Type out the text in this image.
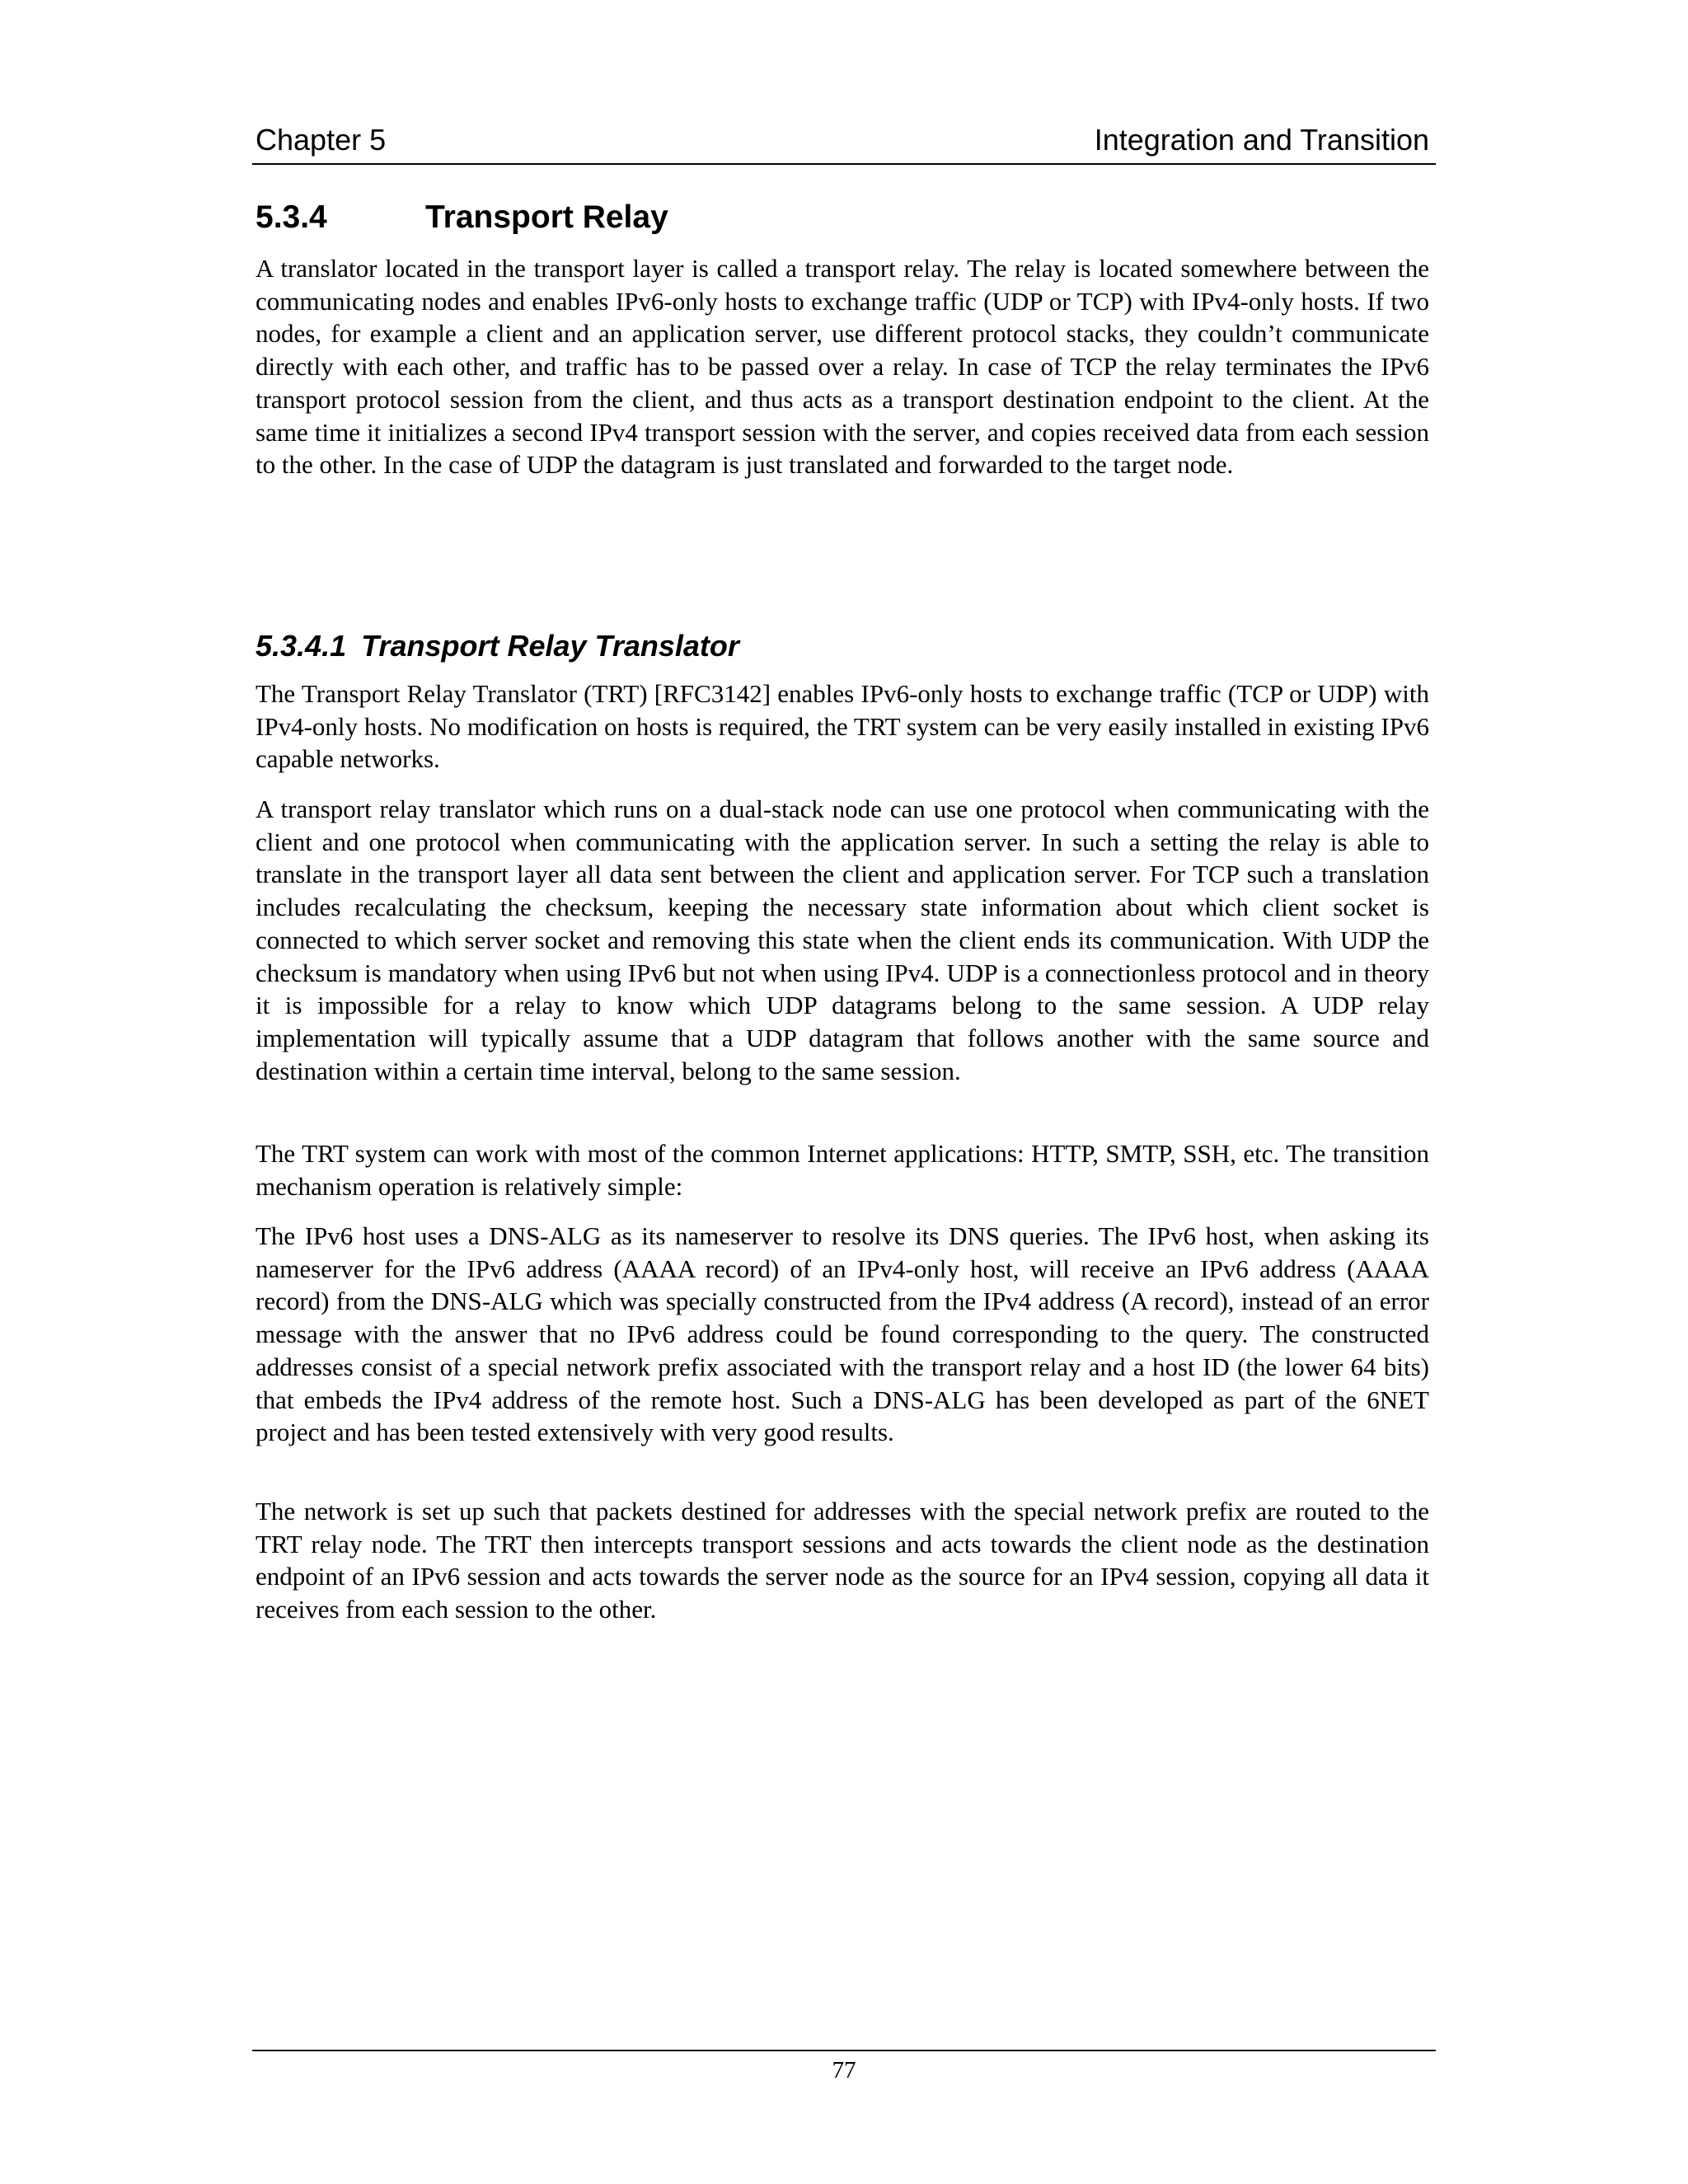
Chapter 5	Integration and Transition
5.3.4	Transport Relay

A translator located in the transport layer is called a transport relay. The relay is located somewhere between the communicating nodes and enables IPv6-only hosts to exchange traffic (UDP or TCP) with IPv4-only hosts. If two nodes, for example a client and an application server, use different protocol stacks, they couldn’t communicate directly with each other, and traffic has to be passed over a relay. In case of TCP the relay terminates the IPv6 transport protocol session from the client, and thus acts as a transport destination endpoint to the client. At the same time it initializes a second IPv4 transport session with the server, and copies received data from each session to the other. In the case of UDP the datagram is just translated and forwarded to the target node.

5.3.4.1 Transport Relay Translator

The Transport Relay Translator (TRT) [RFC3142] enables IPv6-only hosts to exchange traffic (TCP or UDP) with IPv4-only hosts. No modification on hosts is required, the TRT system can be very easily installed in existing IPv6 capable networks.

A transport relay translator which runs on a dual-stack node can use one protocol when communicating with the client and one protocol when communicating with the application server. In such a setting the relay is able to translate in the transport layer all data sent between the client and application server. For TCP such a translation includes recalculating the checksum, keeping the necessary state information about which client socket is connected to which server socket and removing this state when the client ends its communication. With UDP the checksum is mandatory when using IPv6 but not when using IPv4. UDP is a connectionless protocol and in theory it is impossible for a relay to know which UDP datagrams belong to the same session. A UDP relay implementation will typically assume that a UDP datagram that follows another with the same source and destination within a certain time interval, belong to the same session.

The TRT system can work with most of the common Internet applications: HTTP, SMTP, SSH, etc. The transition mechanism operation is relatively simple:

The IPv6 host uses a DNS-ALG as its nameserver to resolve its DNS queries. The IPv6 host, when asking its nameserver for the IPv6 address (AAAA record) of an IPv4-only host, will receive an IPv6 address (AAAA record) from the DNS-ALG which was specially constructed from the IPv4 address (A record), instead of an error message with the answer that no IPv6 address could be found corresponding to the query. The constructed addresses consist of a special network prefix associated with the transport relay and a host ID (the lower 64 bits) that embeds the IPv4 address of the remote host. Such a DNS-ALG has been developed as part of the 6NET project and has been tested extensively with very good results.

The network is set up such that packets destined for addresses with the special network prefix are routed to the TRT relay node. The TRT then intercepts transport sessions and acts towards the client node as the destination endpoint of an IPv6 session and acts towards the server node as the source for an IPv4 session, copying all data it receives from each session to the other.

77
